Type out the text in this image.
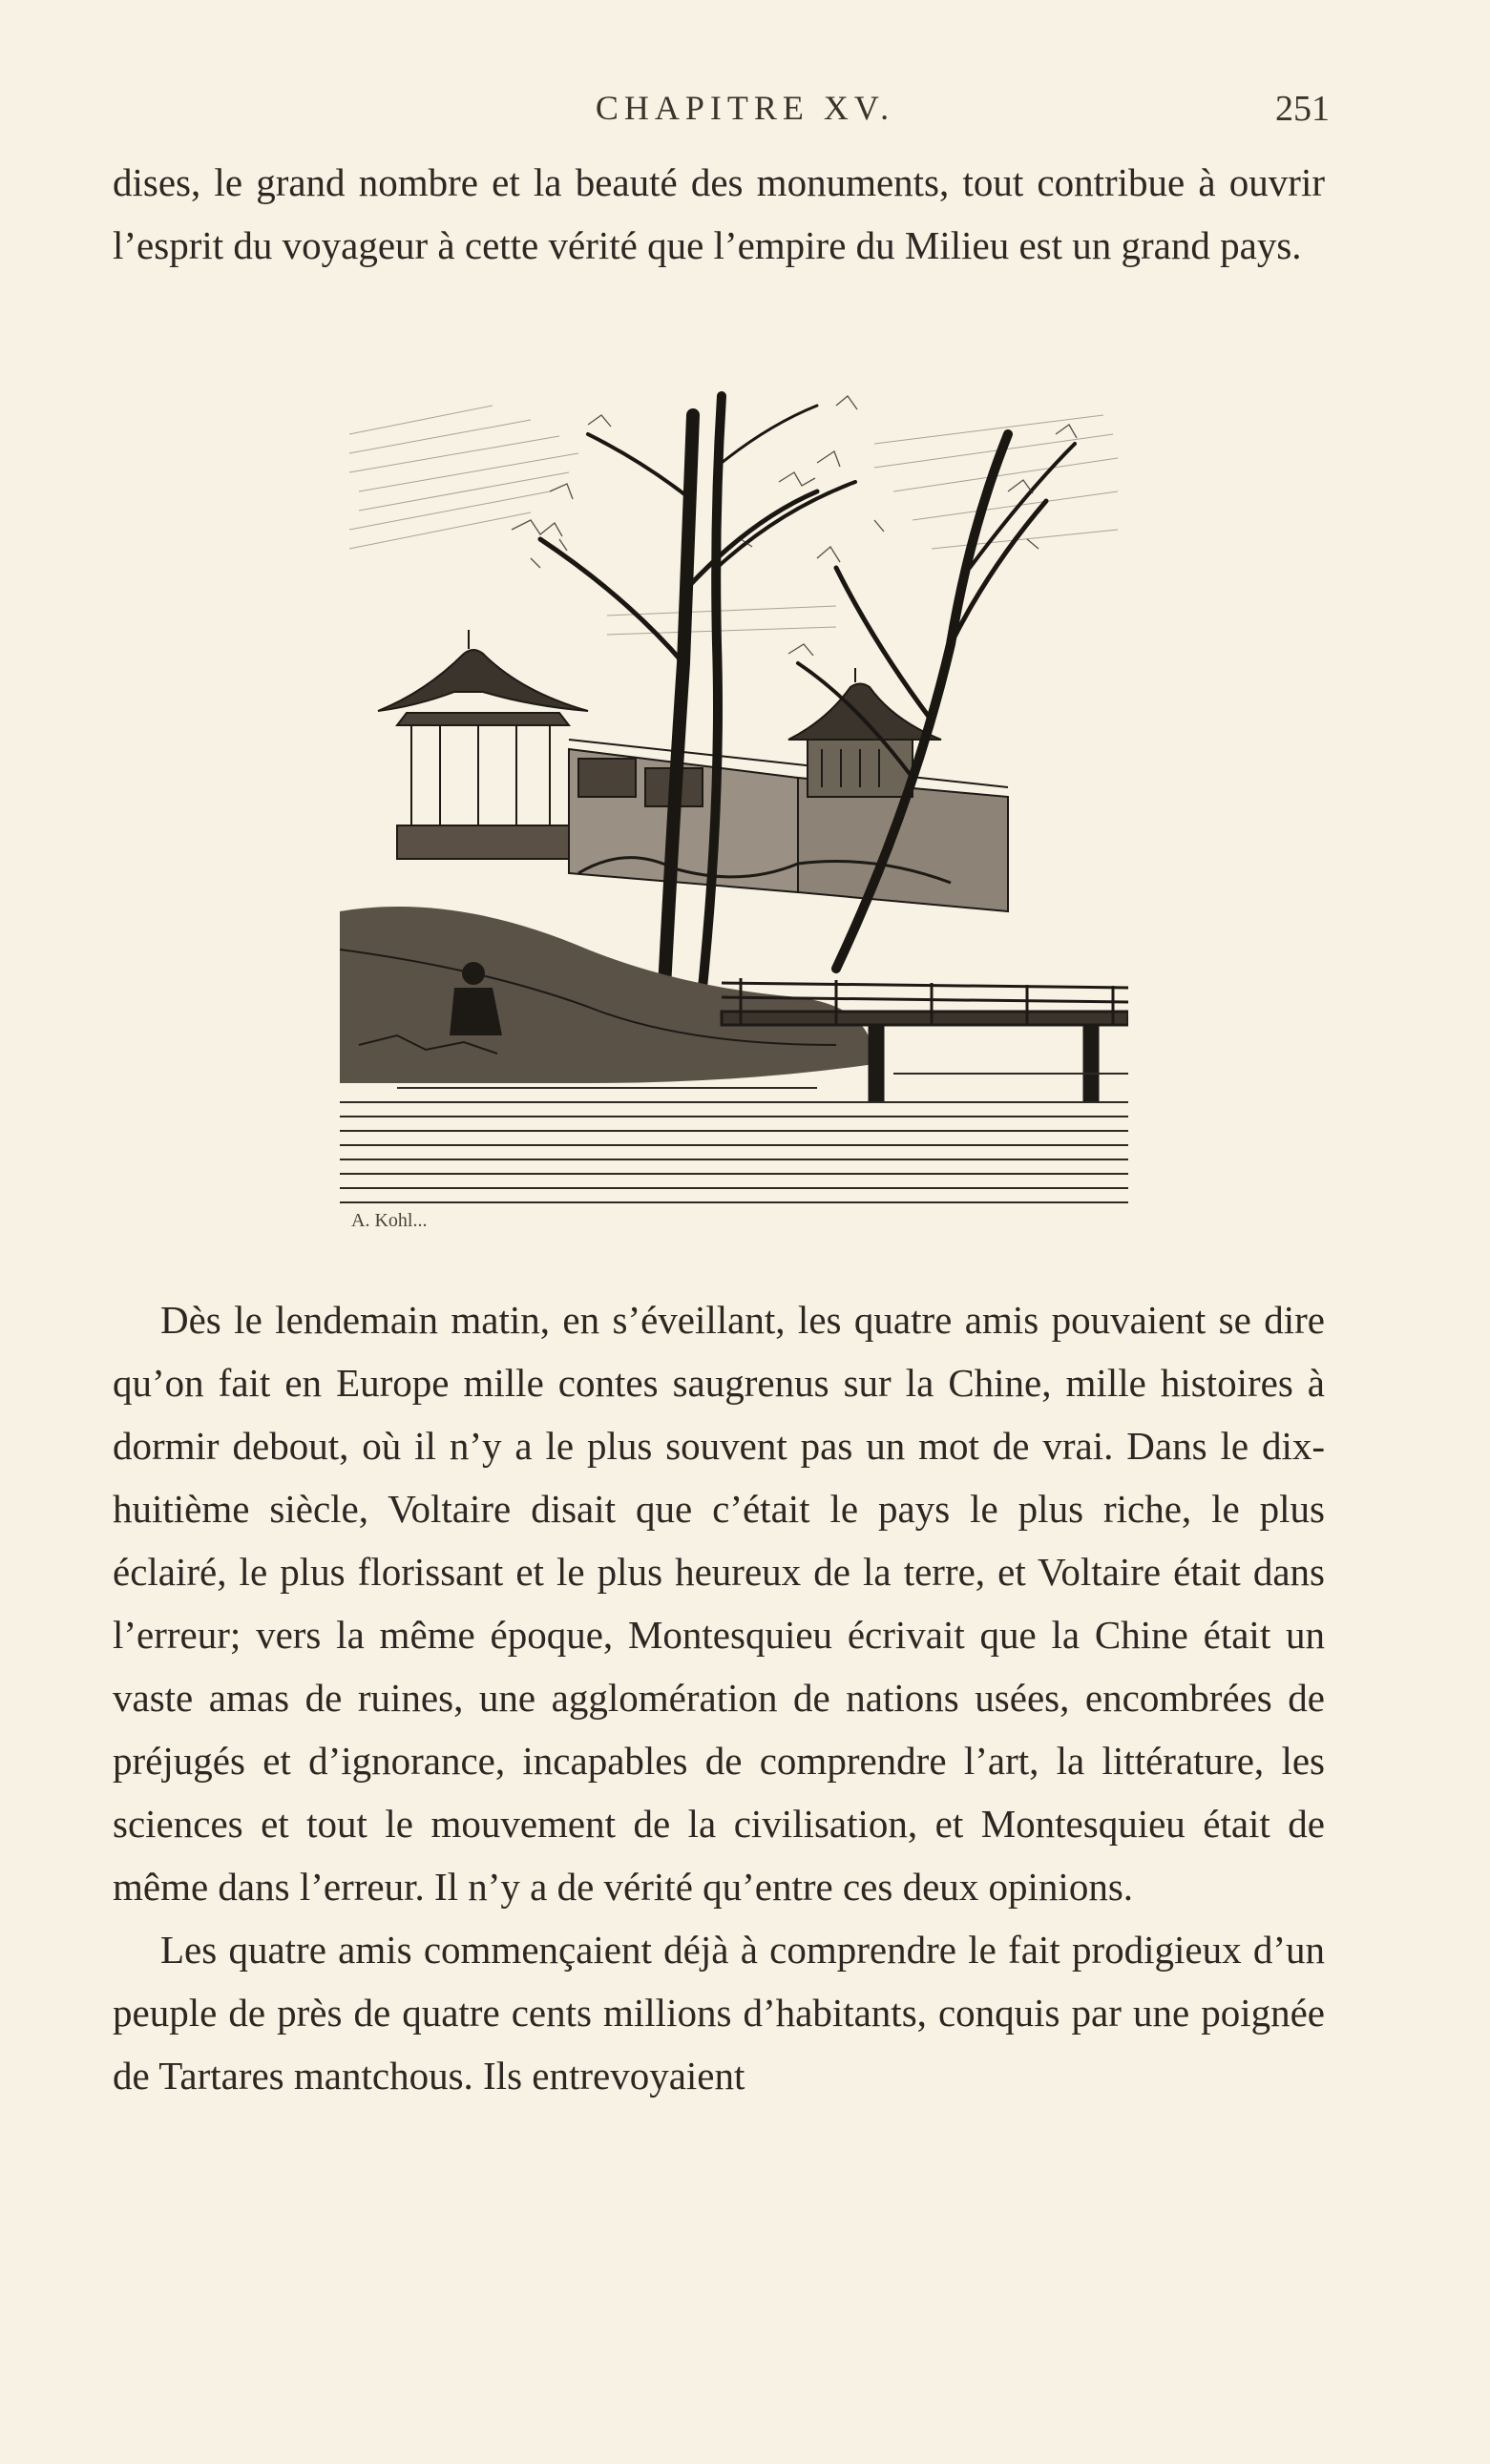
CHAPITRE XV.	251

dises, le grand nombre et la beauté des monuments, tout contribue à ouvrir l’esprit du voyageur à cette vérité que l’empire du Milieu est un grand pays.

A. Kohl...

Dès le lendemain matin, en s’éveillant, les quatre amis pouvaient se dire qu’on fait en Europe mille contes saugrenus sur la Chine, mille histoires à dormir debout, où il n’y a le plus souvent pas un mot de vrai. Dans le dix-huitième siècle, Voltaire disait que c’était le pays le plus riche, le plus éclairé, le plus florissant et le plus heureux de la terre, et Voltaire était dans l’erreur; vers la même époque, Montesquieu écrivait que la Chine était un vaste amas de ruines, une agglomération de nations usées, encombrées de préjugés et d’ignorance, incapables de comprendre l’art, la littérature, les sciences et tout le mouvement de la civilisation, et Montesquieu était de même dans l’erreur. Il n’y a de vérité qu’entre ces deux opinions.

Les quatre amis commençaient déjà à comprendre le fait prodigieux d’un peuple de près de quatre cents millions d’habitants, conquis par une poignée de Tartares mantchous. Ils entrevoyaient
